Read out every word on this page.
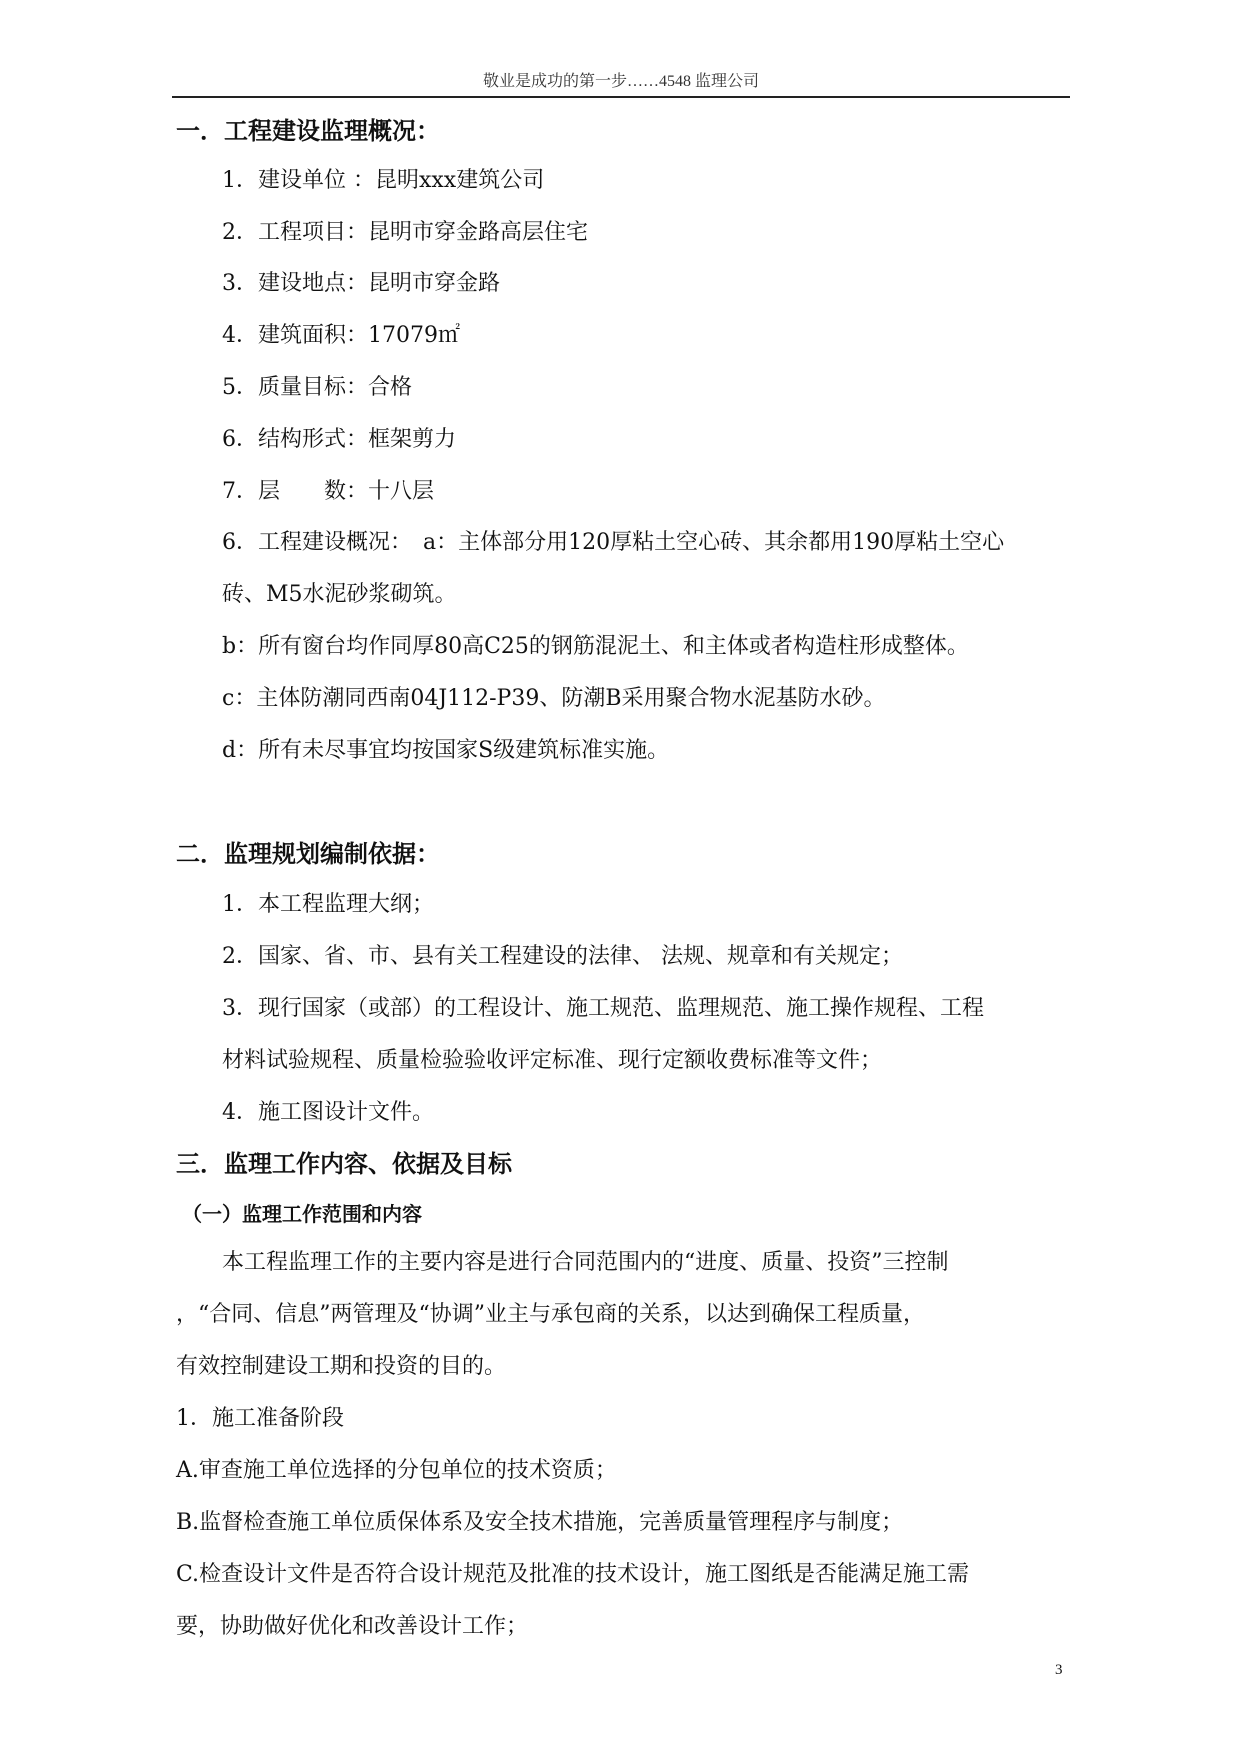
敬业是成功的第一步……4548 监理公司
一．工程建设监理概况：
1．建设单位 ：昆明xxx建筑公司
2．工程项目：昆明市穿金路高层住宅
3．建设地点：昆明市穿金路
4．建筑面积：17079㎡
5．质量目标：合格
6．结构形式：框架剪力
7．层　　数：十八层
6．工程建设概况：　a：主体部分用120厚粘土空心砖、其余都用190厚粘土空心
砖、M5水泥砂浆砌筑。
b：所有窗台均作同厚80高C25的钢筋混泥土、和主体或者构造柱形成整体。
c：主体防潮同西南04J112-P39、防潮B采用聚合物水泥基防水砂。
d：所有未尽事宜均按国家S级建筑标准实施。
二．监理规划编制依据：
1．本工程监理大纲；
2．国家、省、市、县有关工程建设的法律、 法规、规章和有关规定；
3．现行国家（或部）的工程设计、施工规范、监理规范、施工操作规程、工程
材料试验规程、质量检验验收评定标准、现行定额收费标准等文件；
4．施工图设计文件。
三．监理工作内容、依据及目标
（一）监理工作范围和内容
本工程监理工作的主要内容是进行合同范围内的“进度、质量、投资”三控制
，“合同、信息”两管理及“协调”业主与承包商的关系，以达到确保工程质量，
有效控制建设工期和投资的目的。
1．施工准备阶段
A.审查施工单位选择的分包单位的技术资质；
B.监督检查施工单位质保体系及安全技术措施，完善质量管理程序与制度；
C.检查设计文件是否符合设计规范及批准的技术设计，施工图纸是否能满足施工需
要，协助做好优化和改善设计工作；
3
